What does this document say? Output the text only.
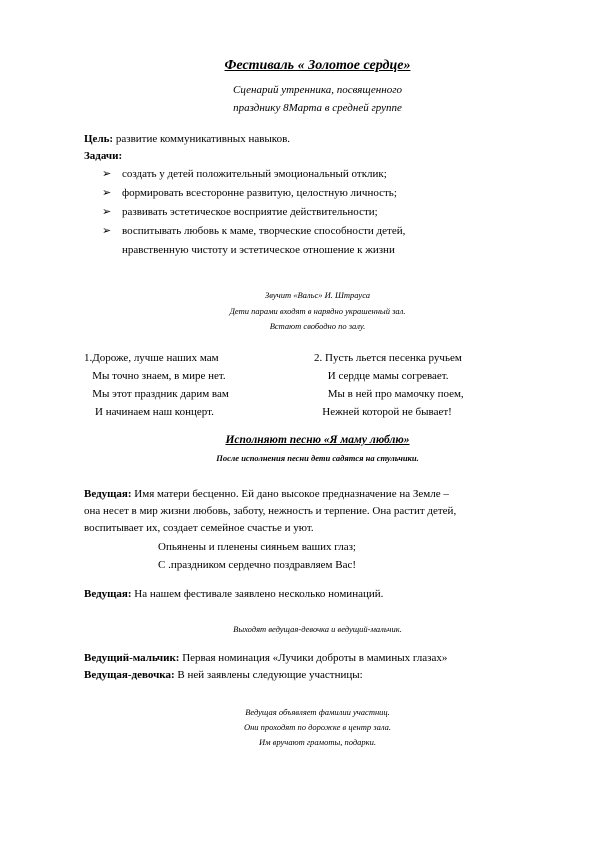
Фестиваль « Золотое сердце»
Сценарий утренника, посвященного
празднику 8Марта в средней группе
Цель: развитие коммуникативных навыков.
Задачи:
➢ создать у детей положительный эмоциональный отклик;
➢ формировать всесторонне развитую, целостную личность;
➢ развивать эстетическое восприятие действительности;
➢ воспитывать любовь к маме, творческие способности детей,
нравственную чистоту и эстетическое отношение к жизни
Звучит «Вальс» И. Штрауса
Дети парами входят в нарядно украшенный зал.
Встают свободно по залу.
1.Дороже, лучше наших мам
Мы точно знаем, в мире нет.
Мы этот праздник дарим вам
И начинаем наш концерт.
2. Пусть льется песенка ручьем
И сердце мамы согревает.
Мы в ней про мамочку поем,
Нежней которой не бывает!
Исполняют песню «Я маму люблю»
После исполнения песни дети садятся на стульчики.
Ведущая: Имя матери бесценно. Ей дано высокое предназначение на Земле –
она несет в мир жизни любовь, заботу, нежность и терпение. Она растит детей,
воспитывает их, создает семейное счастье и уют.
Опьянены и пленены сияньем ваших глаз;
С .праздником сердечно поздравляем Вас!
Ведущая: На нашем фестивале заявлено несколько номинаций.
Выходят ведущая-девочка и ведущий-мальчик.
Ведущий-мальчик: Первая номинация «Лучики доброты в маминых глазах»
Ведущая-девочка: В ней заявлены следующие участницы:
Ведущая объявляет фамилии участниц.
Они проходят по дорожке в центр зала.
Им вручают грамоты, подарки.
